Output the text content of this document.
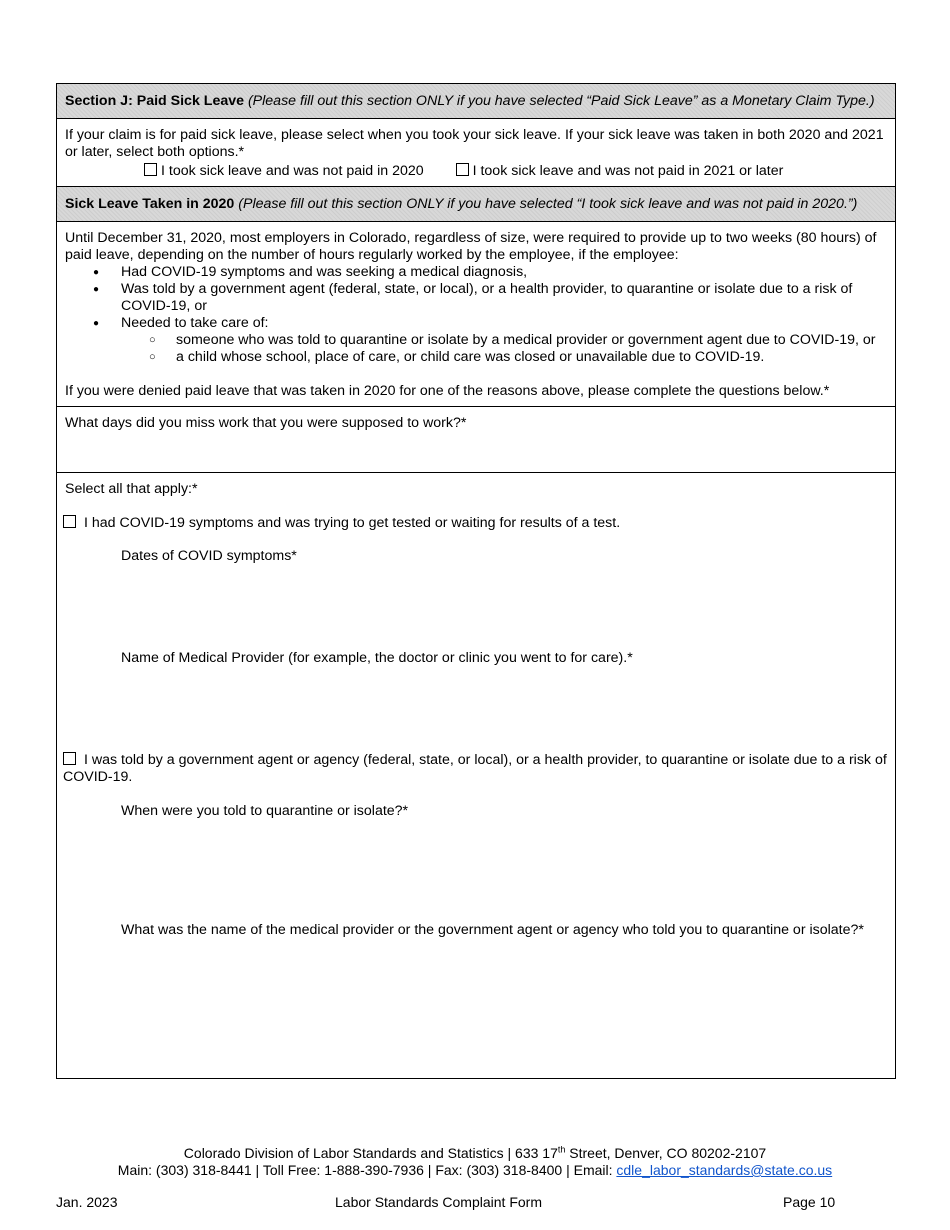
Section J: Paid Sick Leave (Please fill out this section ONLY if you have selected “Paid Sick Leave” as a Monetary Claim Type.)
If your claim is for paid sick leave, please select when you took your sick leave. If your sick leave was taken in both 2020 and 2021 or later, select both options.*
I took sick leave and was not paid in 2020	I took sick leave and was not paid in 2021 or later
Sick Leave Taken in 2020 (Please fill out this section ONLY if you have selected “I took sick leave and was not paid in 2020.”)
Until December 31, 2020, most employers in Colorado, regardless of size, were required to provide up to two weeks (80 hours) of paid leave, depending on the number of hours regularly worked by the employee, if the employee:
● Had COVID-19 symptoms and was seeking a medical diagnosis,
● Was told by a government agent (federal, state, or local), or a health provider, to quarantine or isolate due to a risk of COVID-19, or
● Needed to take care of:
○ someone who was told to quarantine or isolate by a medical provider or government agent due to COVID-19, or
○ a child whose school, place of care, or child care was closed or unavailable due to COVID-19.
If you were denied paid leave that was taken in 2020 for one of the reasons above, please complete the questions below.*
What days did you miss work that you were supposed to work?*
Select all that apply:*
I had COVID-19 symptoms and was trying to get tested or waiting for results of a test.
Dates of COVID symptoms*
Name of Medical Provider (for example, the doctor or clinic you went to for care).*
I was told by a government agent or agency (federal, state, or local), or a health provider, to quarantine or isolate due to a risk of COVID-19.
When were you told to quarantine or isolate?*
What was the name of the medical provider or the government agent or agency who told you to quarantine or isolate?*
Colorado Division of Labor Standards and Statistics | 633 17th Street, Denver, CO 80202-2107
Main: (303) 318-8441 | Toll Free: 1-888-390-7936 | Fax: (303) 318-8400 | Email: cdle_labor_standards@state.co.us
Jan. 2023	Labor Standards Complaint Form	Page 10
